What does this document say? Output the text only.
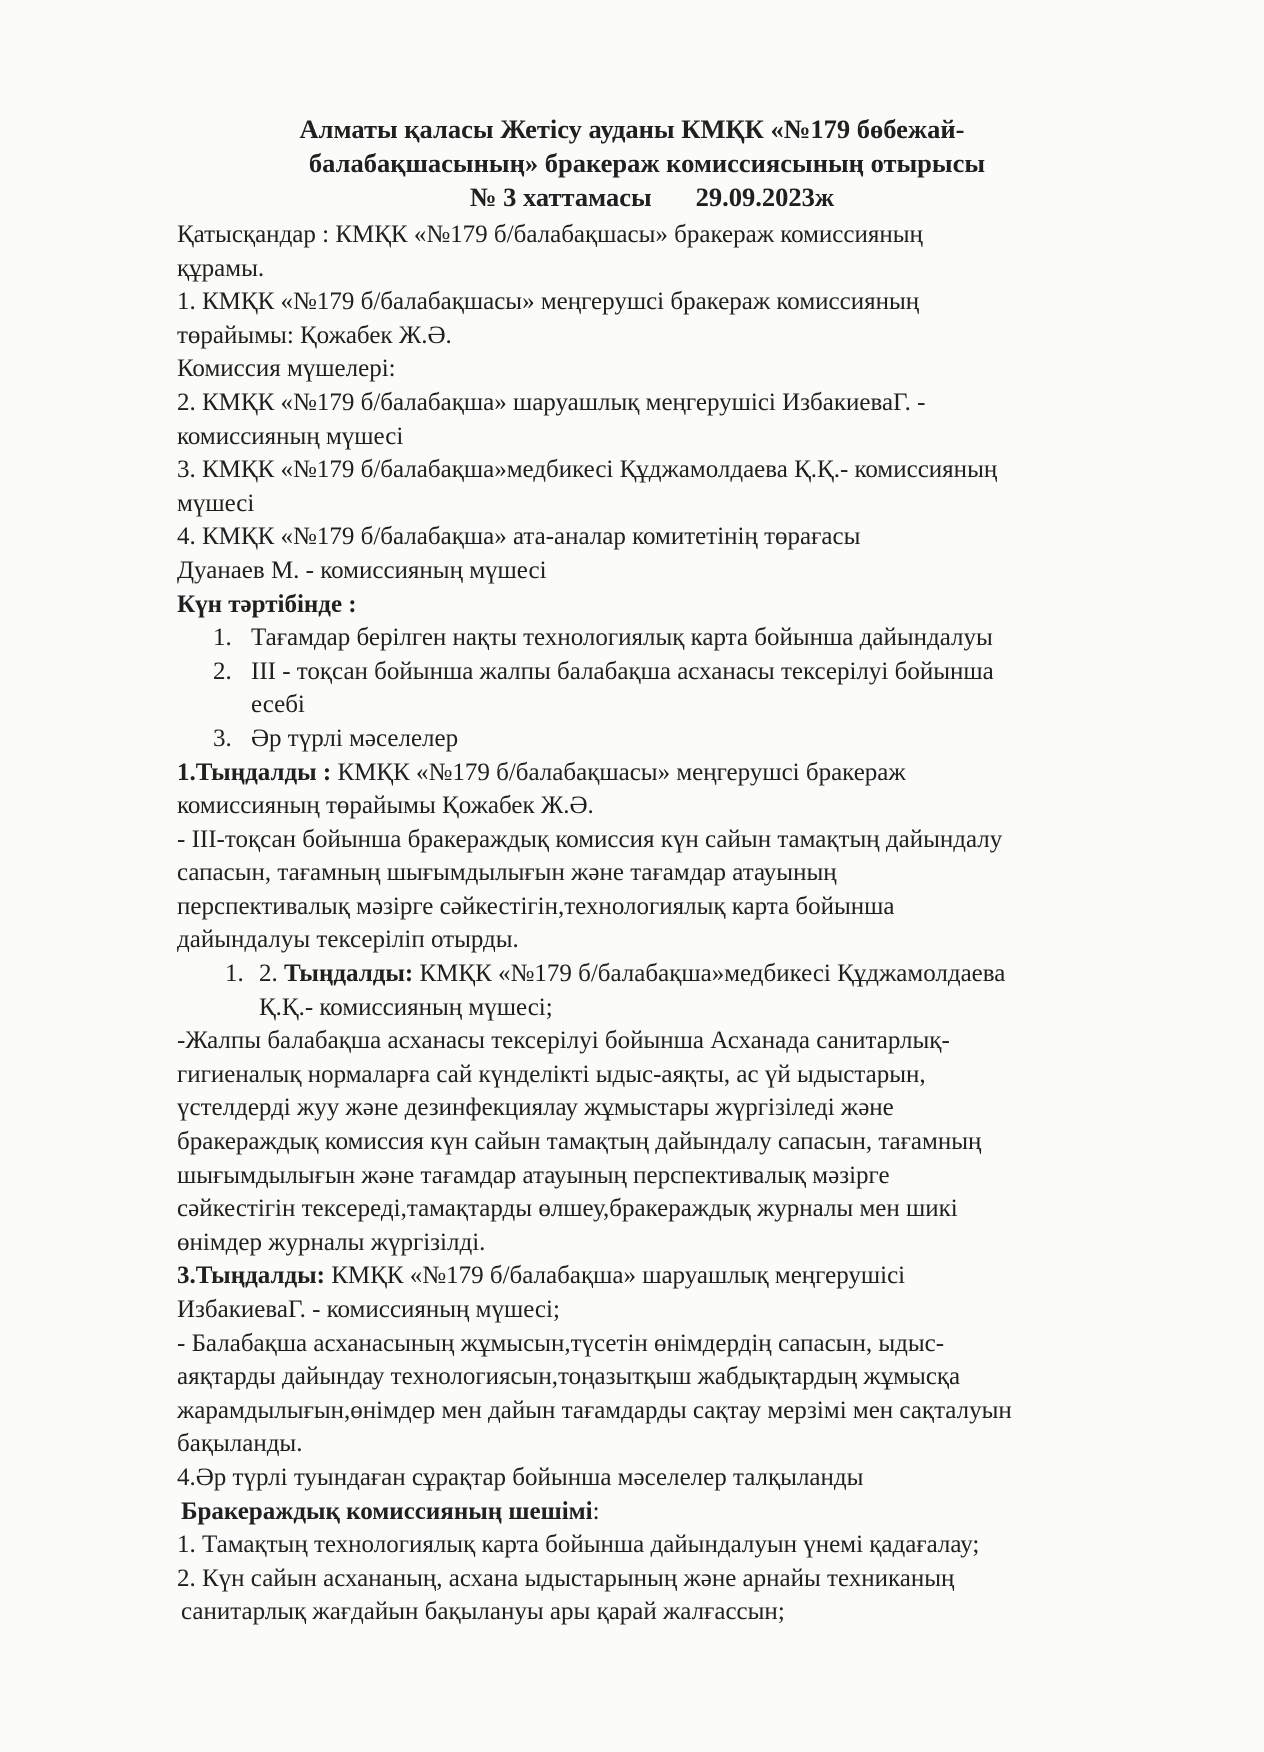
Алматы қаласы Жетісу ауданы КМҚК «№179 бөбежай-
балабақшасының» бракераж комиссиясының отырысы
№ 3 хаттамасы 29.09.2023ж
Қатысқандар : КМҚК «№179 б/балабақшасы» бракераж комиссияның
құрамы.
1. КМҚК «№179 б/балабақшасы» меңгерушсі бракераж комиссияның
төрайымы: Қожабек Ж.Ә.
Комиссия мүшелері:
2. КМҚК «№179 б/балабақша» шаруашлық меңгерушісі ИзбакиеваГ. -
комиссияның мүшесі
3. КМҚК «№179 б/балабақша»медбикесі Құджамолдаева Қ.Қ.- комиссияның
мүшесі
4. КМҚК «№179 б/балабақша» ата-аналар комитетінің төрағасы
Дуанаев М. - комиссияның мүшесі
Күн тәртібінде :
1. Тағамдар берілген нақты технологиялық карта бойынша дайындалуы
2. ІІІ - тоқсан бойынша жалпы балабақша асханасы тексерілуі бойынша
есебі
3. Әр түрлі мәселелер
1.Тыңдалды : КМҚК «№179 б/балабақшасы» меңгерушсі бракераж
комиссияның төрайымы Қожабек Ж.Ә.
- ІІІ-тоқсан бойынша бракераждық комиссия күн сайын тамақтың дайындалу
сапасын, тағамның шығымдылығын және тағамдар атауының
перспективалық мәзірге сәйкестігін,технологиялық карта бойынша
дайындалуы тексеріліп отырды.
1. 2. Тыңдалды: КМҚК «№179 б/балабақша»медбикесі Құджамолдаева
Қ.Қ.- комиссияның мүшесі;
-Жалпы балабақша асханасы тексерілуі бойынша Асханада санитарлық-
гигиеналық нормаларға сай күнделікті ыдыс-аяқты, ас үй ыдыстарын,
үстелдерді жуу және дезинфекциялау жұмыстары жүргізіледі және
бракераждық комиссия күн сайын тамақтың дайындалу сапасын, тағамның
шығымдылығын және тағамдар атауының перспективалық мәзірге
сәйкестігін тексереді,тамақтарды өлшеу,бракераждық журналы мен шикі
өнімдер журналы жүргізілді.
3.Тыңдалды: КМҚК «№179 б/балабақша» шаруашлық меңгерушісі
ИзбакиеваГ. - комиссияның мүшесі;
- Балабақша асханасының жұмысын,түсетін өнімдердің сапасын, ыдыс-
аяқтарды дайындау технологиясын,тоңазытқыш жабдықтардың жұмысқа
жарамдылығын,өнімдер мен дайын тағамдарды сақтау мерзімі мен сақталуын
бақыланды.
4.Әр түрлі туындаған сұрақтар бойынша мәселелер талқыланды
Бракераждық комиссияның шешімі:
1. Тамақтың технологиялық карта бойынша дайындалуын үнемі қадағалау;
2. Күн сайын асхананың, асхана ыдыстарының және арнайы техниканың
санитарлық жағдайын бақылануы ары қарай жалғассын;
